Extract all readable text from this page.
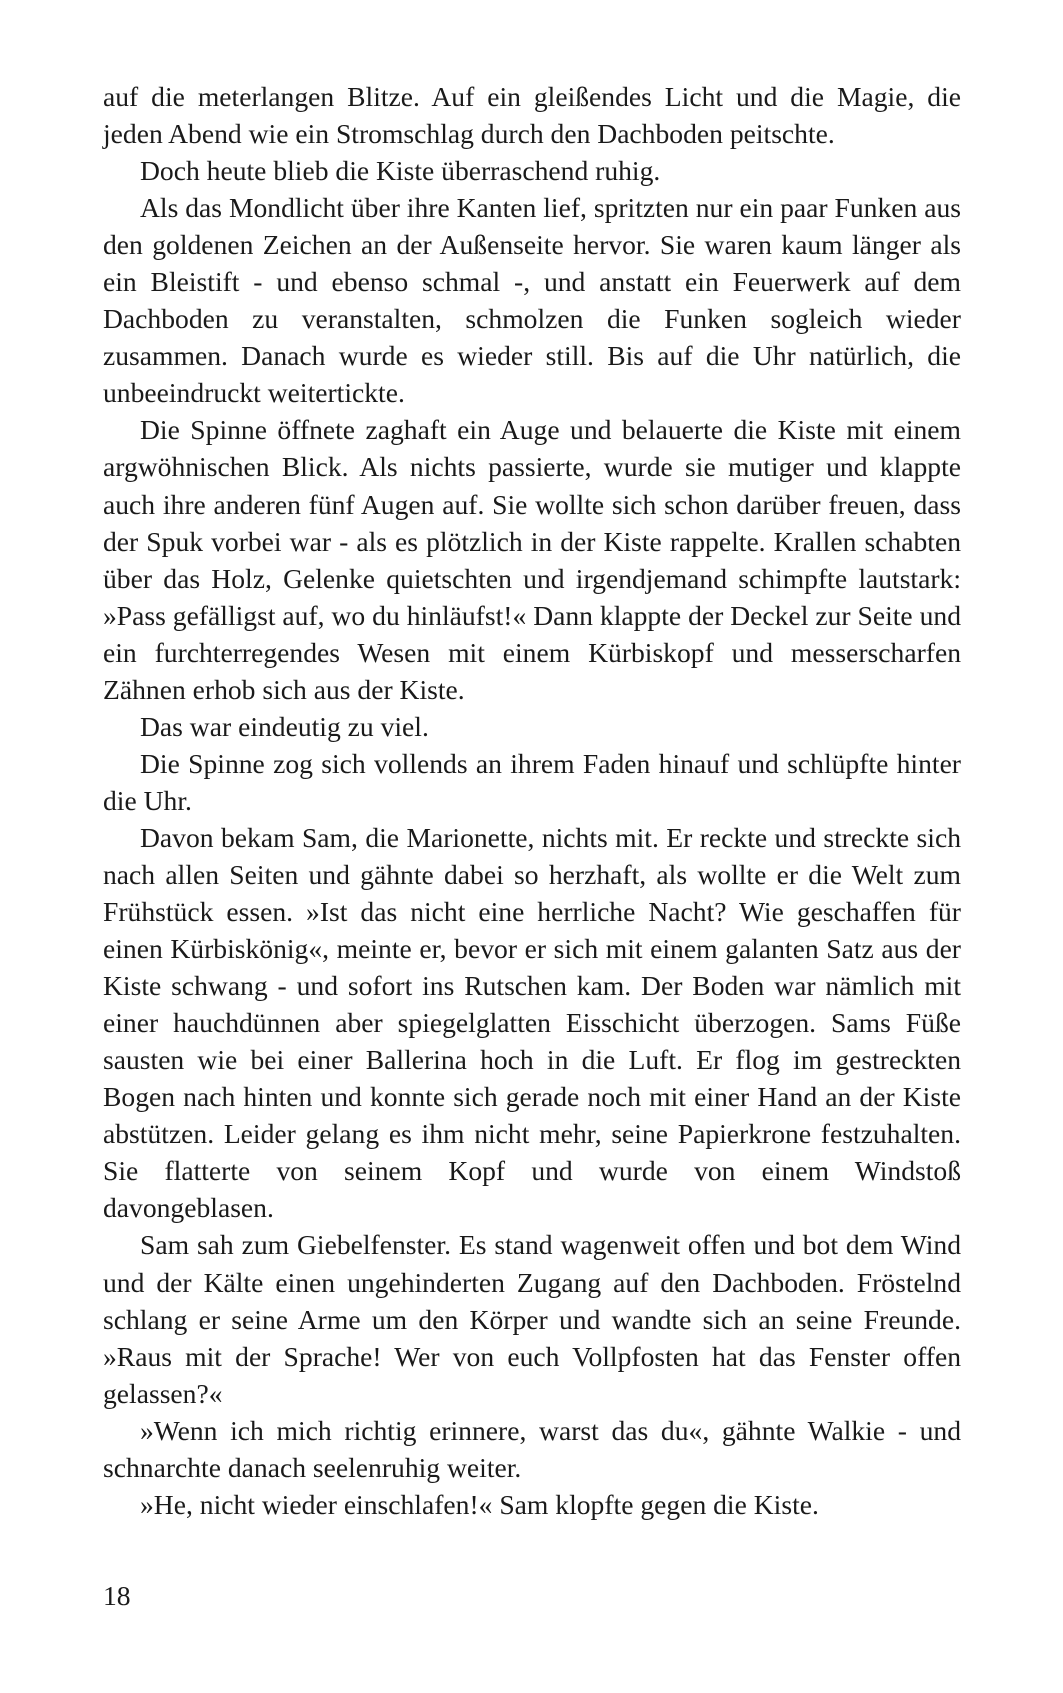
auf die meterlangen Blitze. Auf ein gleißendes Licht und die Magie, die jeden Abend wie ein Stromschlag durch den Dachboden peitschte.

Doch heute blieb die Kiste überraschend ruhig.

Als das Mondlicht über ihre Kanten lief, spritzten nur ein paar Funken aus den goldenen Zeichen an der Außenseite hervor. Sie waren kaum länger als ein Bleistift - und ebenso schmal -, und anstatt ein Feuerwerk auf dem Dachboden zu veranstalten, schmolzen die Funken sogleich wieder zusammen. Danach wurde es wieder still. Bis auf die Uhr natürlich, die unbeeindruckt weitertickte.

Die Spinne öffnete zaghaft ein Auge und belauerte die Kiste mit einem argwöhnischen Blick. Als nichts passierte, wurde sie mutiger und klappte auch ihre anderen fünf Augen auf. Sie wollte sich schon darüber freuen, dass der Spuk vorbei war - als es plötzlich in der Kiste rappelte. Krallen schabten über das Holz, Gelenke quietschten und irgendjemand schimpfte lautstark: »Pass gefälligst auf, wo du hinläufst!« Dann klappte der Deckel zur Seite und ein furchterregendes Wesen mit einem Kürbiskopf und messerscharfen Zähnen erhob sich aus der Kiste.

Das war eindeutig zu viel.

Die Spinne zog sich vollends an ihrem Faden hinauf und schlüpfte hinter die Uhr.

Davon bekam Sam, die Marionette, nichts mit. Er reckte und streckte sich nach allen Seiten und gähnte dabei so herzhaft, als wollte er die Welt zum Frühstück essen. »Ist das nicht eine herrliche Nacht? Wie geschaffen für einen Kürbiskönig«, meinte er, bevor er sich mit einem galanten Satz aus der Kiste schwang - und sofort ins Rutschen kam. Der Boden war nämlich mit einer hauchdünnen aber spiegelglatten Eisschicht überzogen. Sams Füße sausten wie bei einer Ballerina hoch in die Luft. Er flog im gestreckten Bogen nach hinten und konnte sich gerade noch mit einer Hand an der Kiste abstützen. Leider gelang es ihm nicht mehr, seine Papierkrone festzuhalten. Sie flatterte von seinem Kopf und wurde von einem Windstoß davongeblasen.

Sam sah zum Giebelfenster. Es stand wagenweit offen und bot dem Wind und der Kälte einen ungehinderten Zugang auf den Dachboden. Fröstelnd schlang er seine Arme um den Körper und wandte sich an seine Freunde. »Raus mit der Sprache! Wer von euch Vollpfosten hat das Fenster offen gelassen?«

»Wenn ich mich richtig erinnere, warst das du«, gähnte Walkie - und schnarchte danach seelenruhig weiter.

»He, nicht wieder einschlafen!« Sam klopfte gegen die Kiste.

18
